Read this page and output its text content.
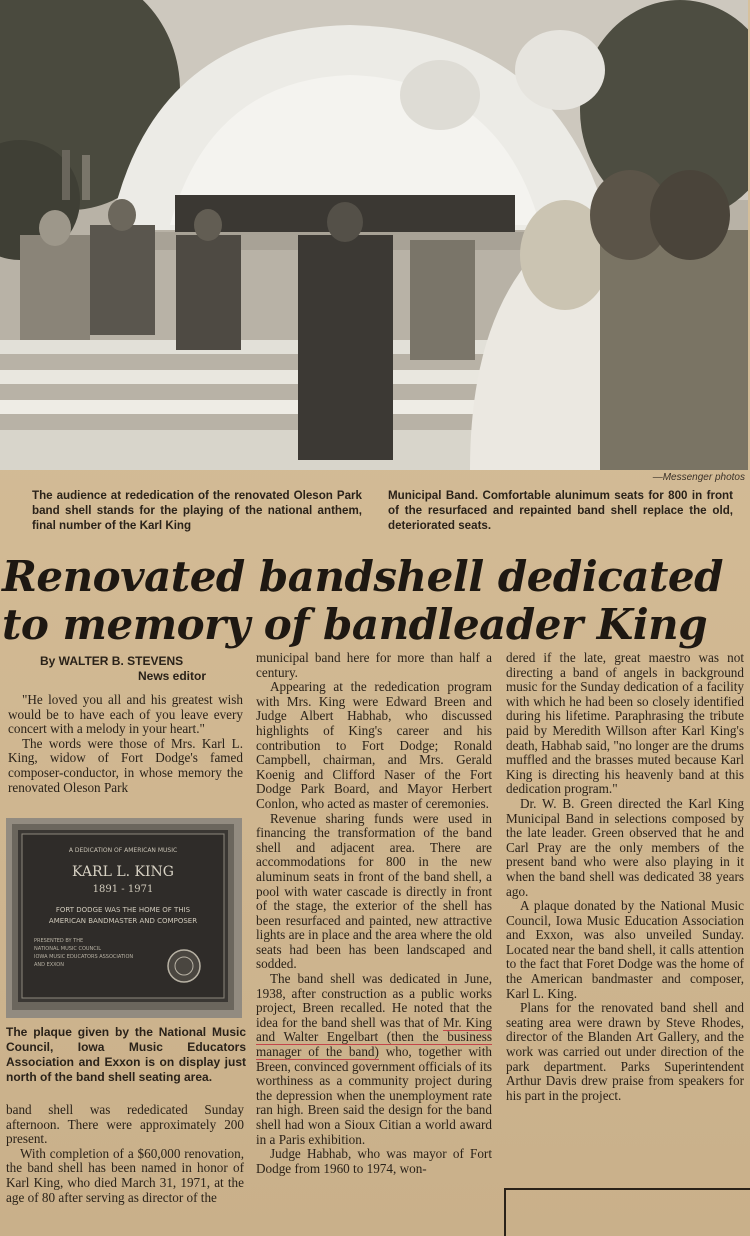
—Messenger photos
The audience at rededication of the renovated Oleson Park band shell stands for the playing of the national anthem, final number of the Karl King
Municipal Band. Comfortable alunimum seats for 800 in front of the resurfaced and repainted band shell replace the old, deteriorated seats.
Renovated bandshell dedicated
to memory of bandleader King
By WALTER B. STEVENS
News editor

"He loved you all and his greatest wish would be to have each of you leave every concert with a melody in your heart."

The words were those of Mrs. Karl L. King, widow of Fort Dodge's famed composer-conductor, in whose memory the renovated Oleson Park

A DEDICATION OF AMERICAN MUSIC
KARL L. KING
1891 - 1971
FORT DODGE WAS THE HOME OF THIS
AMERICAN BANDMASTER AND COMPOSER
PRESENTED BY THE
NATIONAL MUSIC COUNCIL
IOWA MUSIC EDUCATORS ASSOCIATION
AND EXXON
The plaque given by the National Music Council, Iowa Music Educators Association and Exxon is on display just north of the band shell seating area.

band shell was rededicated Sunday afternoon. There were approximately 200 present.

With completion of a $60,000 renovation, the band shell has been named in honor of Karl King, who died March 31, 1971, at the age of 80 after serving as director of the

municipal band here for more than half a century.

Appearing at the rededication program with Mrs. King were Edward Breen and Judge Albert Habhab, who discussed highlights of King's career and his contribution to Fort Dodge; Ronald Campbell, chairman, and Mrs. Gerald Koenig and Clifford Naser of the Fort Dodge Park Board, and Mayor Herbert Conlon, who acted as master of ceremonies.

Revenue sharing funds were used in financing the transformation of the band shell and adjacent area. There are accommodations for 800 in the new aluminum seats in front of the band shell, a pool with water cascade is directly in front of the stage, the exterior of the shell has been resurfaced and painted, new attractive lights are in place and the area where the old seats had been has been landscaped and sodded.

The band shell was dedicated in June, 1938, after construction as a public works project, Breen recalled. He noted that the idea for the band shell was that of Mr. King and Walter Engelbart (then the business manager of the band) who, together with Breen, convinced government officials of its worthiness as a community project during the depression when the unemployment rate ran high. Breen said the design for the band shell had won a Sioux Citian a world award in a Paris exhibition.

Judge Habhab, who was mayor of Fort Dodge from 1960 to 1974, won-

dered if the late, great maestro was not directing a band of angels in background music for the Sunday dedication of a facility with which he had been so closely identified during his lifetime. Paraphrasing the tribute paid by Meredith Willson after Karl King's death, Habhab said, "no longer are the drums muffled and the brasses muted because Karl King is directing his heavenly band at this dedication program."

Dr. W. B. Green directed the Karl King Municipal Band in selections composed by the late leader. Green observed that he and Carl Pray are the only members of the present band who were also playing in it when the band shell was dedicated 38 years ago.

A plaque donated by the National Music Council, Iowa Music Education Association and Exxon, was also unveiled Sunday. Located near the band shell, it calls attention to the fact that Foret Dodge was the home of the American bandmaster and composer, Karl L. King.

Plans for the renovated band shell and seating area were drawn by Steve Rhodes, director of the Blanden Art Gallery, and the work was carried out under direction of the park department. Parks Superintendent Arthur Davis drew praise from speakers for his part in the project.
